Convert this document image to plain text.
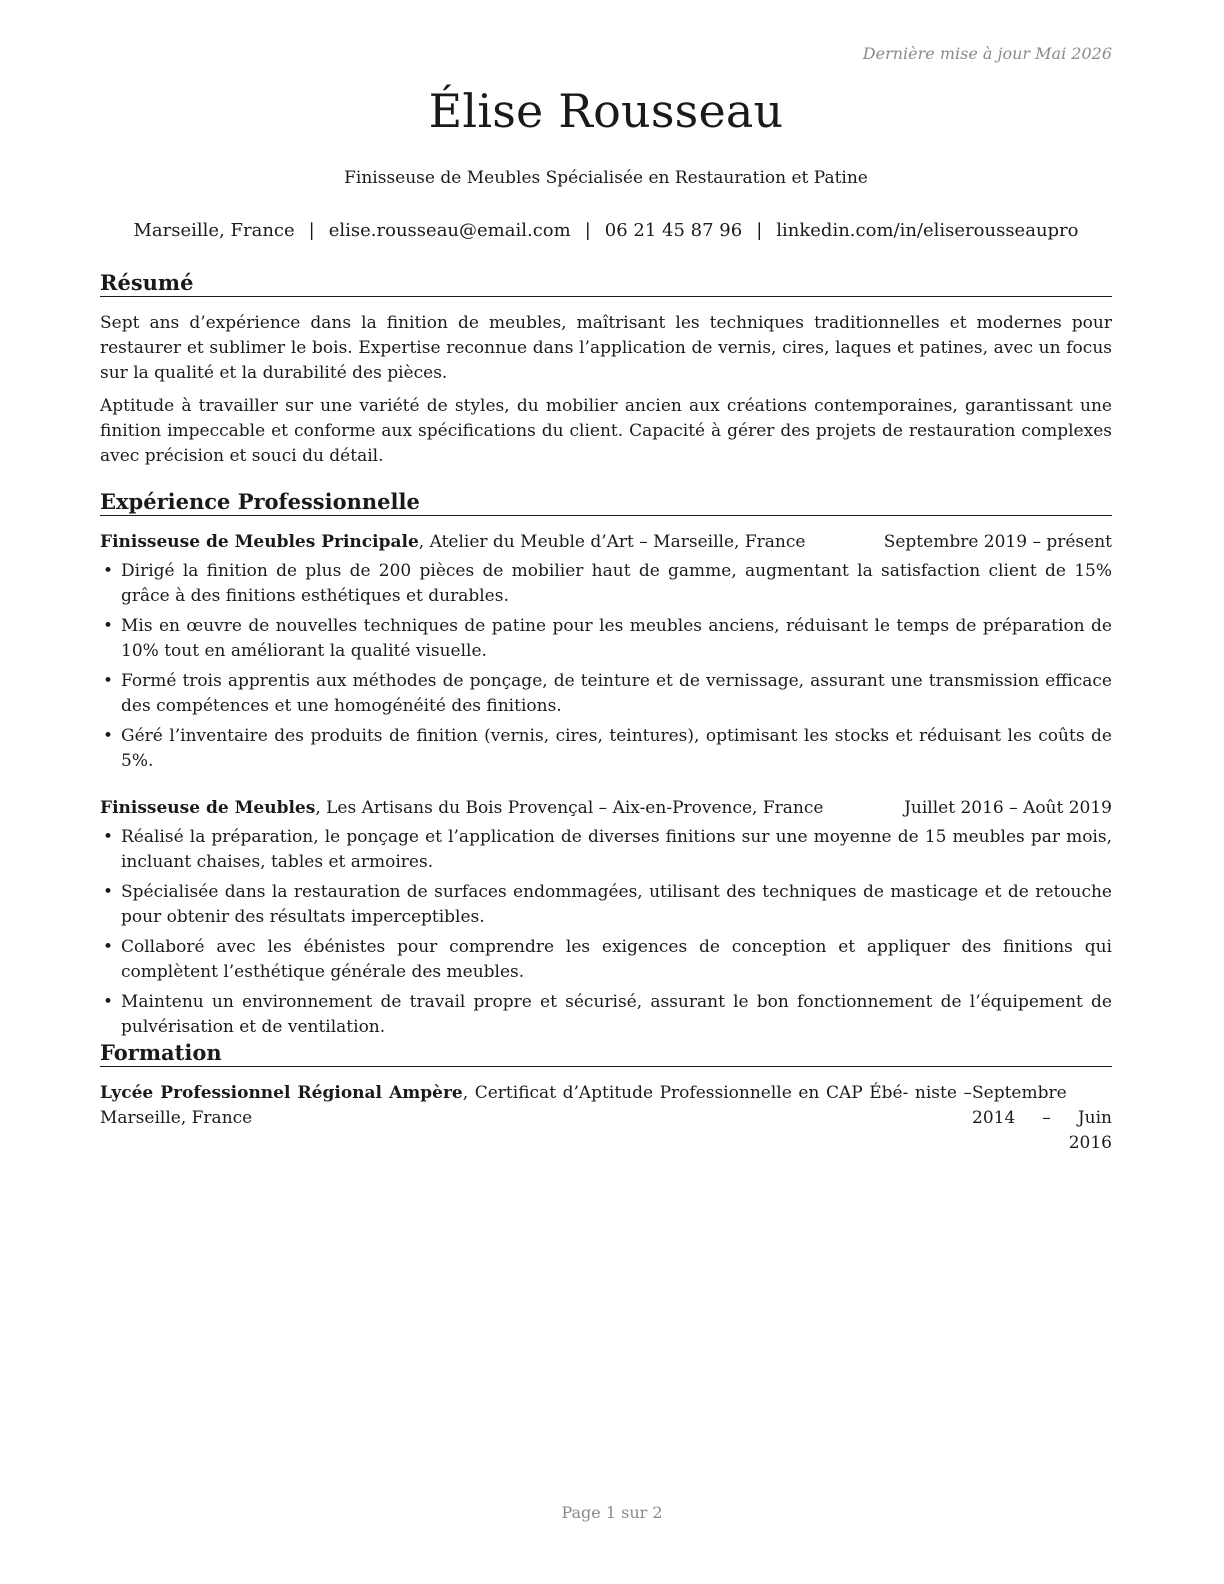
Dernière mise à jour Mai 2026
Élise Rousseau
Finisseuse de Meubles Spécialisée en Restauration et Patine
Marseille, France | elise.rousseau@email.com | 06 21 45 87 96 | linkedin.com/in/eliserousseaupro
Résumé

Sept ans d’expérience dans la finition de meubles, maîtrisant les techniques traditionnelles et modernes pour restaurer et sublimer le bois. Expertise reconnue dans l’application de vernis, cires, laques et patines, avec un focus sur la qualité et la durabilité des pièces.

Aptitude à travailler sur une variété de styles, du mobilier ancien aux créations contemporaines, garantissant une finition impeccable et conforme aux spécifications du client. Capacité à gérer des projets de restauration complexes avec précision et souci du détail.

Expérience Professionnelle
Finisseuse de Meubles Principale, Atelier du Meuble d’Art – Marseille, France	Septembre 2019 – présent
• Dirigé la finition de plus de 200 pièces de mobilier haut de gamme, augmentant la satisfaction client de 15% grâce à des finitions esthétiques et durables.
• Mis en œuvre de nouvelles techniques de patine pour les meubles anciens, réduisant le temps de préparation de 10% tout en améliorant la qualité visuelle.
• Formé trois apprentis aux méthodes de ponçage, de teinture et de vernissage, assurant une transmission efficace des compétences et une homogénéité des finitions.
• Géré l’inventaire des produits de finition (vernis, cires, teintures), optimisant les stocks et réduisant les coûts de 5%.
Finisseuse de Meubles, Les Artisans du Bois Provençal – Aix-en-Provence, France	Juillet 2016 – Août 2019
• Réalisé la préparation, le ponçage et l’application de diverses finitions sur une moyenne de 15 meubles par mois, incluant chaises, tables et armoires.
• Spécialisée dans la restauration de surfaces endommagées, utilisant des techniques de masticage et de retouche pour obtenir des résultats imperceptibles.
• Collaboré avec les ébénistes pour comprendre les exigences de conception et appliquer des finitions qui complètent l’esthétique générale des meubles.
• Maintenu un environnement de travail propre et sécurisé, assurant le bon fonctionnement de l’équipement de pulvérisation et de ventilation.
Formation
Lycée Professionnel Régional Ampère, Certificat d’Aptitude Professionnelle en CAP Ébé- niste – Marseille, France
Septembre 2014 – Juin 2016
Page 1 sur 2
